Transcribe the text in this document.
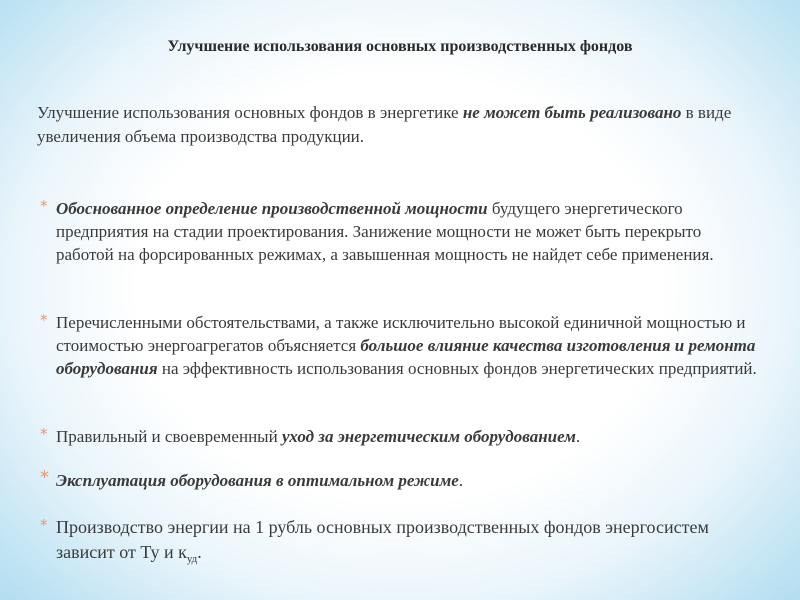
Улучшение использования основных производственных фондов
Улучшение использования основных фондов в энергетике не может быть реализовано в виде увеличения объема производства продукции.
* Обоснованное определение производственной мощности будущего энергетического предприятия на стадии проектирования. Занижение мощности не может быть перекрыто работой на форсированных режимах, а завышенная мощность не найдет себе применения.
* Перечисленными обстоятельствами, а также исключительно высокой единичной мощностью и стоимостью энергоагрегатов объясняется большое влияние качества изготовления и ремонта оборудования на эффективность использования основных фондов энергетических предприятий.
* Правильный и своевременный уход за энергетическим оборудованием.
* Эксплуатация оборудования в оптимальном режиме.
* Производство энергии на 1 рубль основных производственных фондов энергосистем зависит от Ту и $к_{уд}$.
